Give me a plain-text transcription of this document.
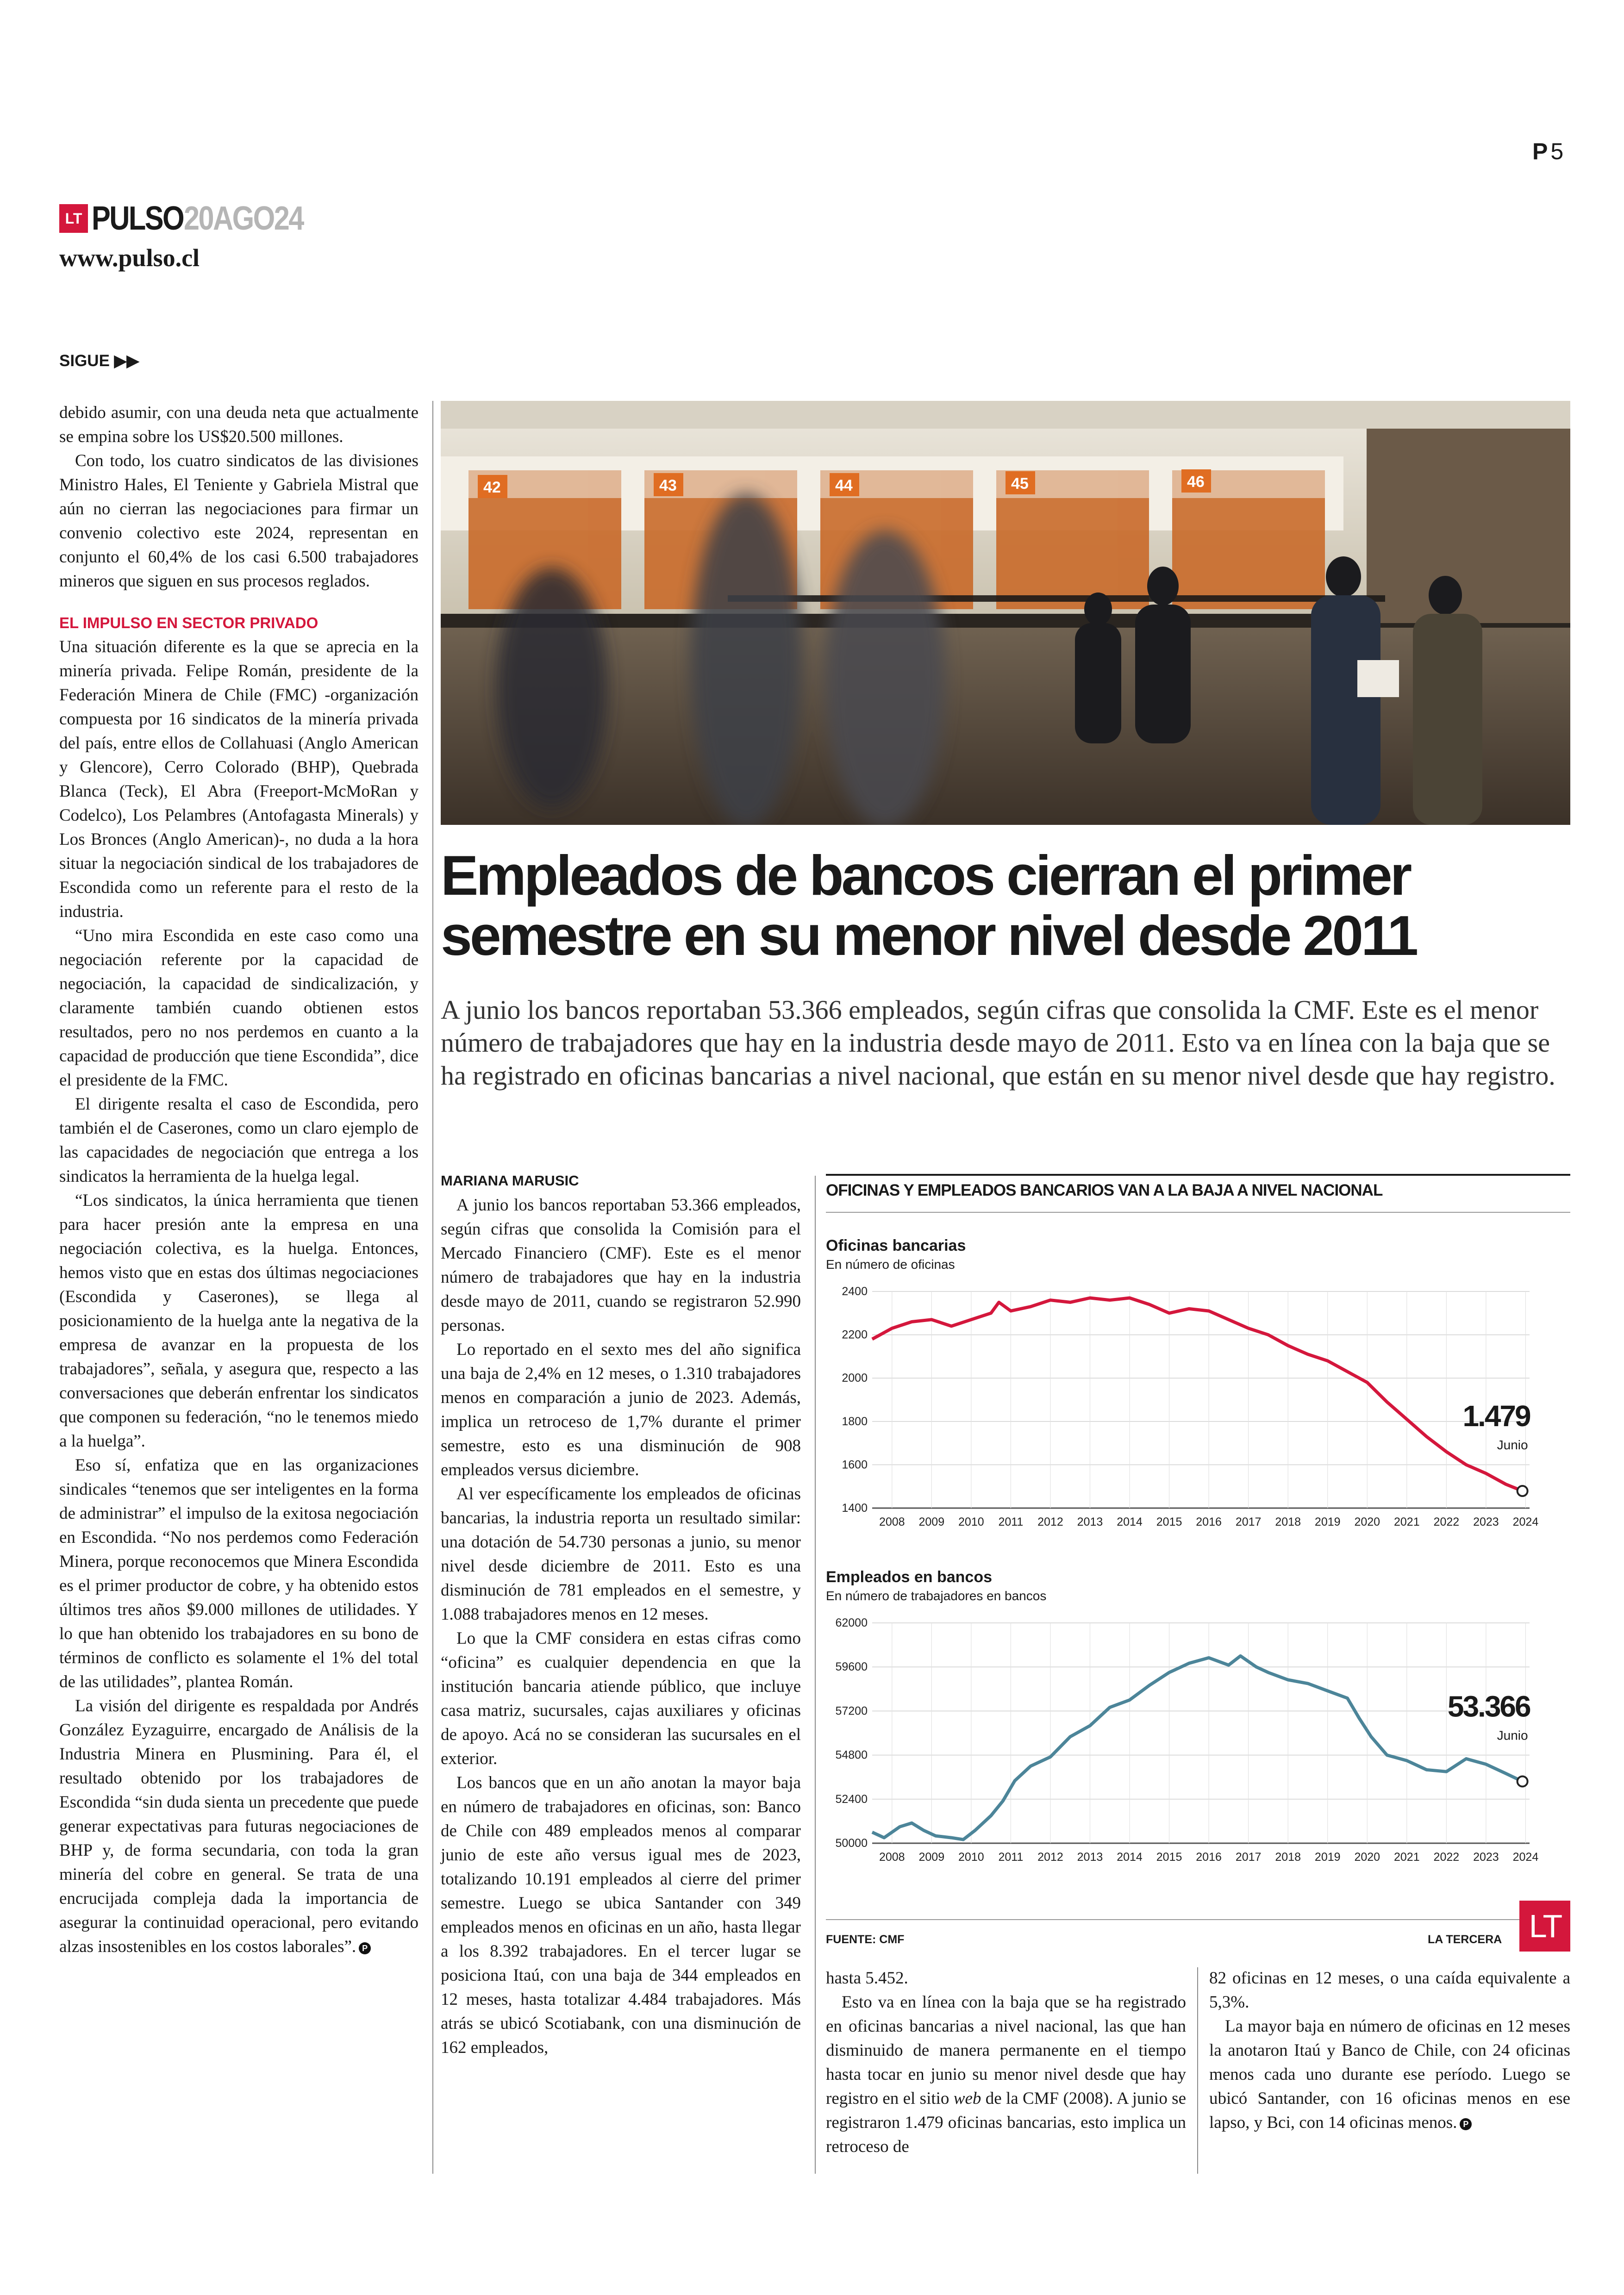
P 5
LT PULSO 20AGO24
www.pulso.cl
SIGUE ▶▶

debido asumir, con una deuda neta que actualmente se empina sobre los US$20.500 millones.

Con todo, los cuatro sindicatos de las divisiones Ministro Hales, El Teniente y Gabriela Mistral que aún no cierran las negociaciones para firmar un convenio colectivo este 2024, representan en conjunto el 60,4% de los casi 6.500 trabajadores mineros que siguen en sus procesos reglados.

EL IMPULSO EN SECTOR PRIVADO

Una situación diferente es la que se aprecia en la minería privada. Felipe Román, presidente de la Federación Minera de Chile (FMC) -organización compuesta por 16 sindicatos de la minería privada del país, entre ellos de Collahuasi (Anglo American y Glencore), Cerro Colorado (BHP), Quebrada Blanca (Teck), El Abra (Freeport-McMoRan y Codelco), Los Pelambres (Antofagasta Minerals) y Los Bronces (Anglo American)-, no duda a la hora situar la negociación sindical de los trabajadores de Escondida como un referente para el resto de la industria.

“Uno mira Escondida en este caso como una negociación referente por la capacidad de negociación, la capacidad de sindicalización, y claramente también cuando obtienen estos resultados, pero no nos perdemos en cuanto a la capacidad de producción que tiene Escondida”, dice el presidente de la FMC.

El dirigente resalta el caso de Escondida, pero también el de Caserones, como un claro ejemplo de las capacidades de negociación que entrega a los sindicatos la herramienta de la huelga legal.

“Los sindicatos, la única herramienta que tienen para hacer presión ante la empresa en una negociación colectiva, es la huelga. Entonces, hemos visto que en estas dos últimas negociaciones (Escondida y Caserones), se llega al posicionamiento de la huelga ante la negativa de la empresa de avanzar en la propuesta de los trabajadores”, señala, y asegura que, respecto a las conversaciones que deberán enfrentar los sindicatos que componen su federación, “no le tenemos miedo a la huelga”.

Eso sí, enfatiza que en las organizaciones sindicales “tenemos que ser inteligentes en la forma de administrar” el impulso de la exitosa negociación en Escondida. “No nos perdemos como Federación Minera, porque reconocemos que Minera Escondida es el primer productor de cobre, y ha obtenido estos últimos tres años $9.000 millones de utilidades. Y lo que han obtenido los trabajadores en su bono de términos de conflicto es solamente el 1% del total de las utilidades”, plantea Román.

La visión del dirigente es respaldada por Andrés González Eyzaguirre, encargado de Análisis de la Industria Minera en Plusmining. Para él, el resultado obtenido por los trabajadores de Escondida “sin duda sienta un precedente que puede generar expectativas para futuras negociaciones de BHP y, de forma secundaria, con toda la gran minería del cobre en general. Se trata de una encrucijada compleja dada la importancia de asegurar la continuidad operacional, pero evitando alzas insostenibles en los costos laborales”. P

42	43	44	45	46
Empleados de bancos cierran el primer semestre en su menor nivel desde 2011
A junio los bancos reportaban 53.366 empleados, según cifras que consolida la CMF. Este es el menor número de trabajadores que hay en la industria desde mayo de 2011. Esto va en línea con la baja que se ha registrado en oficinas bancarias a nivel nacional, que están en su menor nivel desde que hay registro.
MARIANA MARUSIC

A junio los bancos reportaban 53.366 empleados, según cifras que consolida la Comisión para el Mercado Financiero (CMF). Este es el menor número de trabajadores que hay en la industria desde mayo de 2011, cuando se registraron 52.990 personas.

Lo reportado en el sexto mes del año significa una baja de 2,4% en 12 meses, o 1.310 trabajadores menos en comparación a junio de 2023. Además, implica un retroceso de 1,7% durante el primer semestre, esto es una disminución de 908 empleados versus diciembre.

Al ver específicamente los empleados de oficinas bancarias, la industria reporta un resultado similar: una dotación de 54.730 personas a junio, su menor nivel desde diciembre de 2011. Esto es una disminución de 781 empleados en el semestre, y 1.088 trabajadores menos en 12 meses.

Lo que la CMF considera en estas cifras como “oficina” es cualquier dependencia en que la institución bancaria atiende público, que incluye casa matriz, sucursales, cajas auxiliares y oficinas de apoyo. Acá no se consideran las sucursales en el exterior.

Los bancos que en un año anotan la mayor baja en número de trabajadores en oficinas, son: Banco de Chile con 489 empleados menos al comparar junio de este año versus igual mes de 2023, totalizando 10.191 empleados al cierre del primer semestre. Luego se ubica Santander con 349 empleados menos en oficinas en un año, hasta llegar a los 8.392 trabajadores. En el tercer lugar se posiciona Itaú, con una baja de 344 empleados en 12 meses, hasta totalizar 4.484 trabajadores. Más atrás se ubicó Scotiabank, con una disminución de 162 empleados,

OFICINAS Y EMPLEADOS BANCARIOS VAN A LA BAJA A NIVEL NACIONAL
Oficinas bancarias
En número de oficinas
2400
2200
2000
1800
1600
1400
2008 2009 2010 2011 2012 2013 2014 2015 2016 2017 2018 2019 2020 2021 2022 2023 2024
1.479
Junio
Empleados en bancos
En número de trabajadores en bancos
62000
59600
57200
54800
52400
50000
2008 2009 2010 2011 2012 2013 2014 2015 2016 2017 2018 2019 2020 2021 2022 2023 2024
53.366
Junio
FUENTE: CMF	LA TERCERA LT

hasta 5.452.

Esto va en línea con la baja que se ha registrado en oficinas bancarias a nivel nacional, las que han disminuido de manera permanente en el tiempo hasta tocar en junio su menor nivel desde que hay registro en el sitio web de la CMF (2008). A junio se registraron 1.479 oficinas bancarias, esto implica un retroceso de

82 oficinas en 12 meses, o una caída equivalente a 5,3%.

La mayor baja en número de oficinas en 12 meses la anotaron Itaú y Banco de Chile, con 24 oficinas menos cada uno durante ese período. Luego se ubicó Santander, con 16 oficinas menos en ese lapso, y Bci, con 14 oficinas menos. P
